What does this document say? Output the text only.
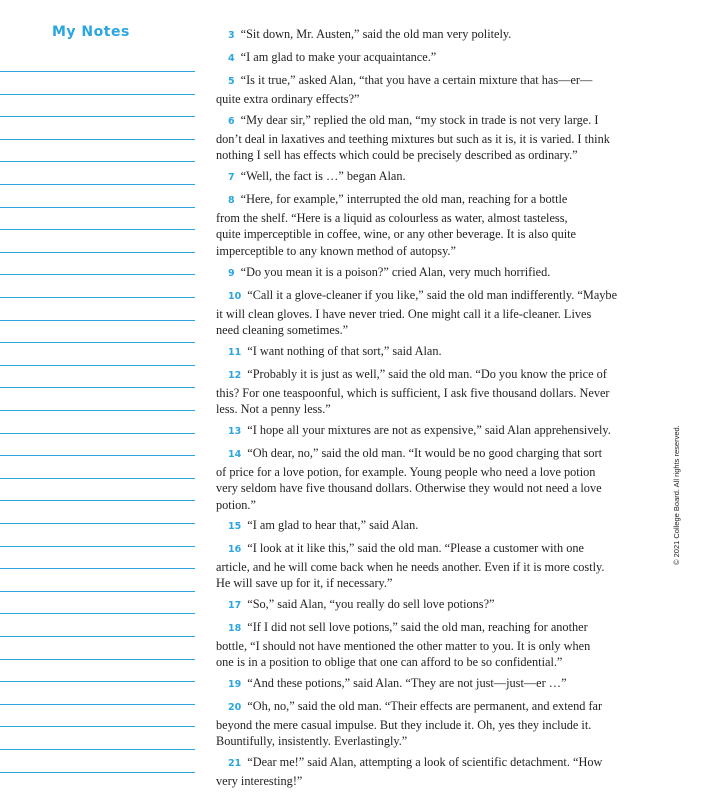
My Notes	3 “Sit down, Mr. Austen,” said the old man very politely.
4 “I am glad to make your acquaintance.”
5 “Is it true,” asked Alan, “that you have a certain mixture that has—er—
quite extra ordinary effects?”
6 “My dear sir,” replied the old man, “my stock in trade is not very large. I
don’t deal in laxatives and teething mixtures but such as it is, it is varied. I think
nothing I sell has effects which could be precisely described as ordinary.”
7 “Well, the fact is …” began Alan.
8 “Here, for example,” interrupted the old man, reaching for a bottle
from the shelf. “Here is a liquid as colourless as water, almost tasteless,
quite imperceptible in coffee, wine, or any other beverage. It is also quite
imperceptible to any known method of autopsy.”
9 “Do you mean it is a poison?” cried Alan, very much horrified.
10 “Call it a glove-cleaner if you like,” said the old man indifferently. “Maybe
it will clean gloves. I have never tried. One might call it a life-cleaner. Lives
need cleaning sometimes.”
11 “I want nothing of that sort,” said Alan.
12 “Probably it is just as well,” said the old man. “Do you know the price of
this? For one teaspoonful, which is sufficient, I ask five thousand dollars. Never
less. Not a penny less.”
13 “I hope all your mixtures are not as expensive,” said Alan apprehensively.
14 “Oh dear, no,” said the old man. “It would be no good charging that sort
of price for a love potion, for example. Young people who need a love potion
very seldom have five thousand dollars. Otherwise they would not need a love
potion.”
15 “I am glad to hear that,” said Alan.
16 “I look at it like this,” said the old man. “Please a customer with one
article, and he will come back when he needs another. Even if it is more costly.
He will save up for it, if necessary.”
17 “So,” said Alan, “you really do sell love potions?”
18 “If I did not sell love potions,” said the old man, reaching for another
bottle, “I should not have mentioned the other matter to you. It is only when
one is in a position to oblige that one can afford to be so confidential.”
19 “And these potions,” said Alan. “They are not just—just—er …”
20 “Oh, no,” said the old man. “Their effects are permanent, and extend far
beyond the mere casual impulse. But they include it. Oh, yes they include it.
Bountifully, insistently. Everlastingly.”
21 “Dear me!” said Alan, attempting a look of scientific detachment. “How
very interesting!”
© 2021 College Board. All rights reserved.
